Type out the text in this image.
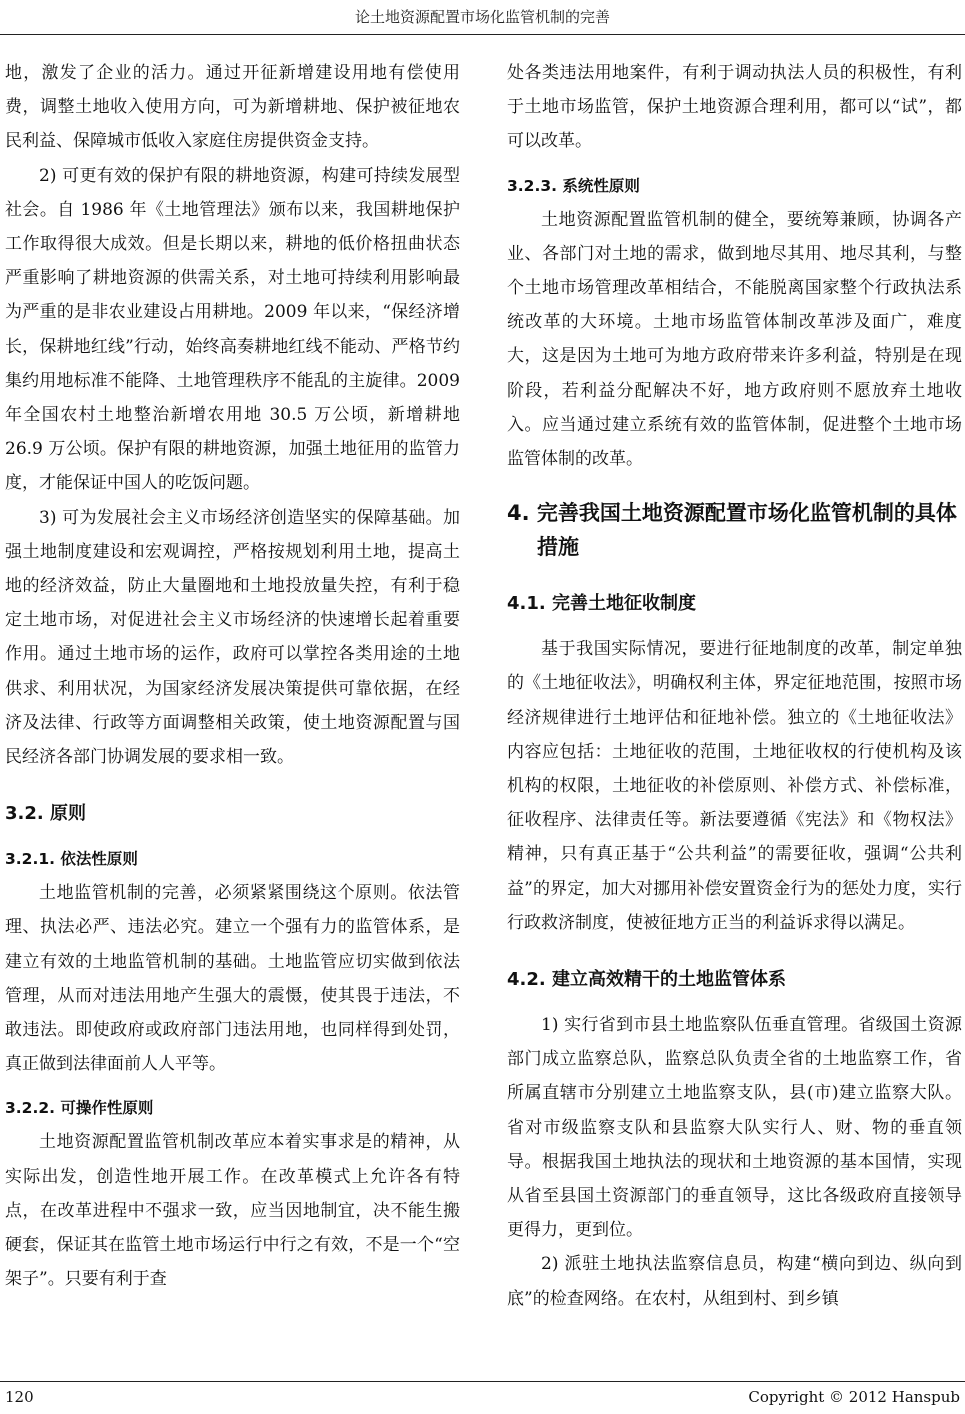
论土地资源配置市场化监管机制的完善

地，激发了企业的活力。通过开征新增建设用地有偿使用费，调整土地收入使用方向，可为新增耕地、保护被征地农民利益、保障城市低收入家庭住房提供资金支持。

2) 可更有效的保护有限的耕地资源，构建可持续发展型社会。自 1986 年《土地管理法》颁布以来，我国耕地保护工作取得很大成效。但是长期以来，耕地的低价格扭曲状态严重影响了耕地资源的供需关系，对土地可持续利用影响最为严重的是非农业建设占用耕地。2009 年以来，“保经济增长，保耕地红线”行动，始终高奏耕地红线不能动、严格节约集约用地标准不能降、土地管理秩序不能乱的主旋律。2009 年全国农村土地整治新增农用地 30.5 万公顷，新增耕地 26.9 万公顷。保护有限的耕地资源，加强土地征用的监管力度，才能保证中国人的吃饭问题。

3) 可为发展社会主义市场经济创造坚实的保障基础。加强土地制度建设和宏观调控，严格按规划利用土地，提高土地的经济效益，防止大量圈地和土地投放量失控，有利于稳定土地市场，对促进社会主义市场经济的快速增长起着重要作用。通过土地市场的运作，政府可以掌控各类用途的土地供求、利用状况，为国家经济发展决策提供可靠依据，在经济及法律、行政等方面调整相关政策，使土地资源配置与国民经济各部门协调发展的要求相一致。

3.2. 原则
3.2.1. 依法性原则

土地监管机制的完善，必须紧紧围绕这个原则。依法管理、执法必严、违法必究。建立一个强有力的监管体系，是建立有效的土地监管机制的基础。土地监管应切实做到依法管理，从而对违法用地产生强大的震慑，使其畏于违法，不敢违法。即使政府或政府部门违法用地，也同样得到处罚，真正做到法律面前人人平等。

3.2.2. 可操作性原则

土地资源配置监管机制改革应本着实事求是的精神，从实际出发，创造性地开展工作。在改革模式上允许各有特点，在改革进程中不强求一致，应当因地制宜，决不能生搬硬套，保证其在监管土地市场运行中行之有效，不是一个“空架子”。只要有利于查

处各类违法用地案件，有利于调动执法人员的积极性，有利于土地市场监管，保护土地资源合理利用，都可以“试”，都可以改革。

3.2.3. 系统性原则

土地资源配置监管机制的健全，要统筹兼顾，协调各产业、各部门对土地的需求，做到地尽其用、地尽其利，与整个土地市场管理改革相结合，不能脱离国家整个行政执法系统改革的大环境。土地市场监管体制改革涉及面广，难度大，这是因为土地可为地方政府带来许多利益，特别是在现阶段，若利益分配解决不好，地方政府则不愿放弃土地收入。应当通过建立系统有效的监管体制，促进整个土地市场监管体制的改革。

4. 完善我国土地资源配置市场化监管机制的具体措施
4.1. 完善土地征收制度

基于我国实际情况，要进行征地制度的改革，制定单独的《土地征收法》，明确权利主体，界定征地范围，按照市场经济规律进行土地评估和征地补偿。独立的《土地征收法》内容应包括：土地征收的范围，土地征收权的行使机构及该机构的权限，土地征收的补偿原则、补偿方式、补偿标准，征收程序、法律责任等。新法要遵循《宪法》和《物权法》精神，只有真正基于“公共利益”的需要征收，强调“公共利益”的界定，加大对挪用补偿安置资金行为的惩处力度，实行行政救济制度，使被征地方正当的利益诉求得以满足。

4.2. 建立高效精干的土地监管体系

1) 实行省到市县土地监察队伍垂直管理。省级国土资源部门成立监察总队，监察总队负责全省的土地监察工作，省所属直辖市分别建立土地监察支队，县(市)建立监察大队。省对市级监察支队和县监察大队实行人、财、物的垂直领导。根据我国土地执法的现状和土地资源的基本国情，实现从省至县国土资源部门的垂直领导，这比各级政府直接领导更得力，更到位。

2) 派驻土地执法监察信息员，构建“横向到边、纵向到底”的检查网络。在农村，从组到村、到乡镇

120	Copyright © 2012 Hanspub
